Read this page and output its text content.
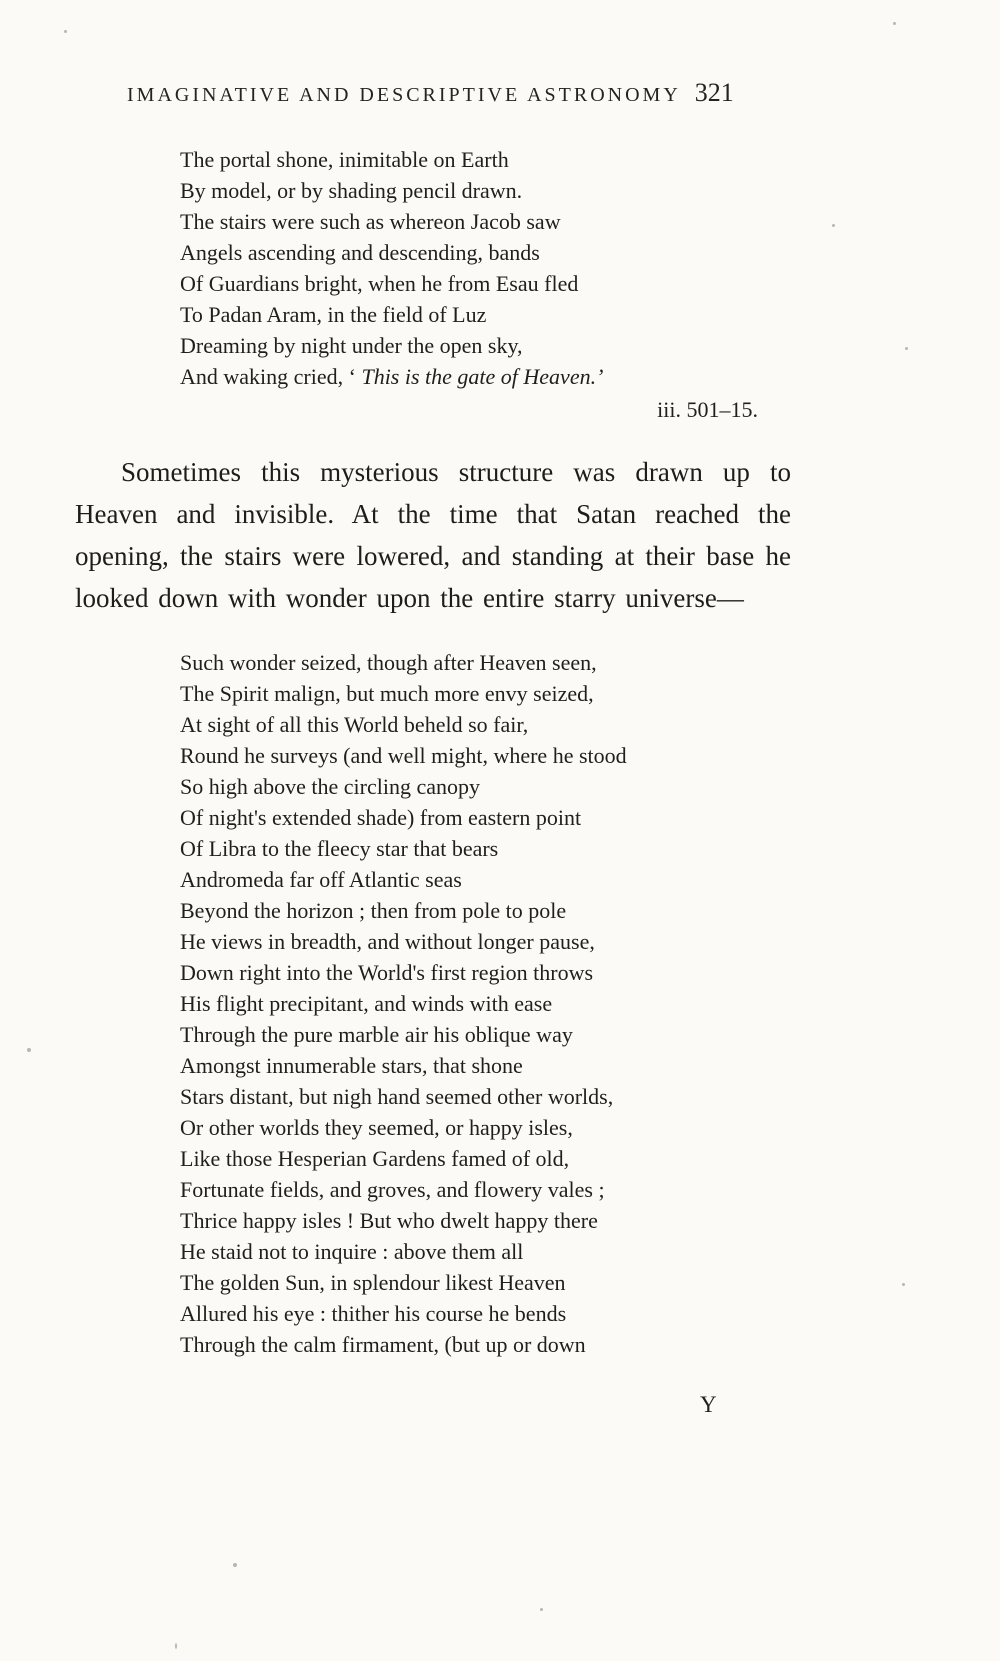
IMAGINATIVE AND DESCRIPTIVE ASTRONOMY 321
The portal shone, inimitable on Earth
By model, or by shading pencil drawn.
The stairs were such as whereon Jacob saw
Angels ascending and descending, bands
Of Guardians bright, when he from Esau fled
To Padan Aram, in the field of Luz
Dreaming by night under the open sky,
And waking cried, ‘ This is the gate of Heaven.’
iii. 501–15.

Sometimes this mysterious structure was drawn up to Heaven and invisible. At the time that Satan reached the opening, the stairs were lowered, and standing at their base he looked down with wonder upon the entire starry universe—

Such wonder seized, though after Heaven seen,
The Spirit malign, but much more envy seized,
At sight of all this World beheld so fair,
Round he surveys (and well might, where he stood
So high above the circling canopy
Of night's extended shade) from eastern point
Of Libra to the fleecy star that bears
Andromeda far off Atlantic seas
Beyond the horizon ; then from pole to pole
He views in breadth, and without longer pause,
Down right into the World's first region throws
His flight precipitant, and winds with ease
Through the pure marble air his oblique way
Amongst innumerable stars, that shone
Stars distant, but nigh hand seemed other worlds,
Or other worlds they seemed, or happy isles,
Like those Hesperian Gardens famed of old,
Fortunate fields, and groves, and flowery vales ;
Thrice happy isles ! But who dwelt happy there
He staid not to inquire : above them all
The golden Sun, in splendour likest Heaven
Allured his eye : thither his course he bends
Through the calm firmament, (but up or down
Y
